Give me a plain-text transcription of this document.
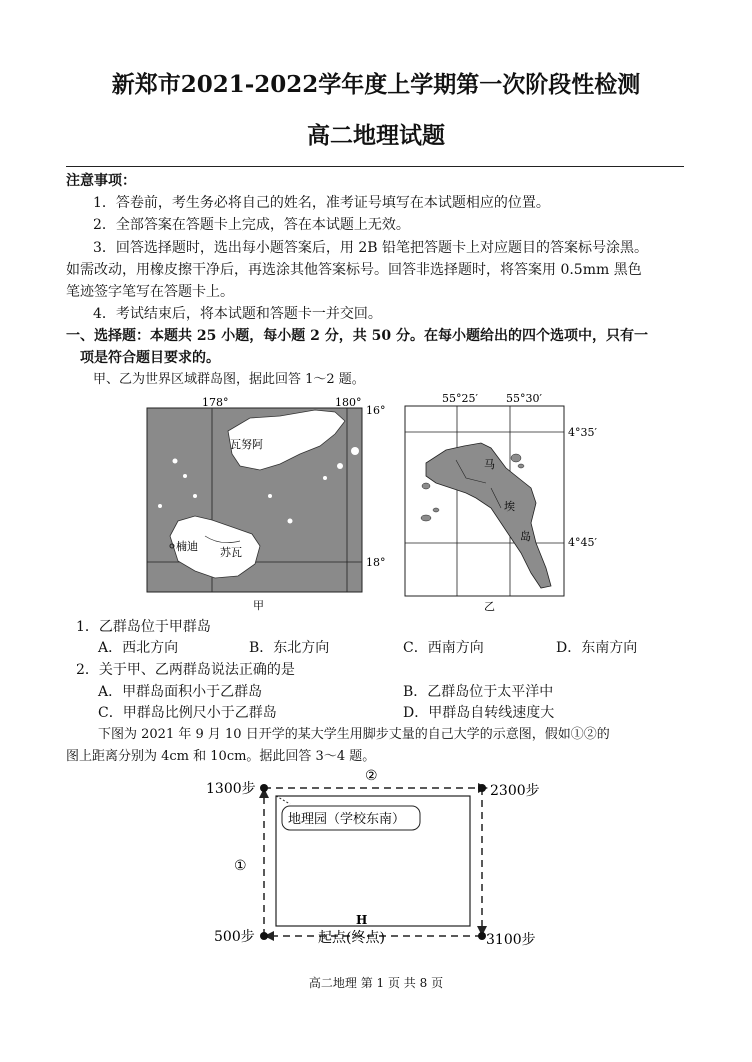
新郑市2021-2022学年度上学期第一次阶段性检测
高二地理试题
注意事项：
1．答卷前，考生务必将自己的姓名，准考证号填写在本试题相应的位置。
2．全部答案在答题卡上完成，答在本试题上无效。
3．回答选择题时，选出每小题答案后，用 2B 铅笔把答题卡上对应题目的答案标号涂黑。
如需改动，用橡皮擦干净后，再选涂其他答案标号。回答非选择题时，将答案用 0.5mm 黑色
笔迹签字笔写在答题卡上。
4．考试结束后，将本试题和答题卡一并交回。
一、选择题：本题共 25 小题，每小题 2 分，共 50 分。在每小题给出的四个选项中，只有一
项是符合题目要求的。
甲、乙为世界区域群岛图，据此回答 1～2 题。
178°	180°
16°
18°
瓦努阿
楠迪 苏瓦
甲
55°25′	55°30′
4°35′
4°45′
马
埃
岛
乙
1．乙群岛位于甲群岛
A．西北方向	B．东北方向	C．西南方向	D．东南方向
2．关于甲、乙两群岛说法正确的是
A．甲群岛面积小于乙群岛	B．乙群岛位于太平洋中
C．甲群岛比例尺小于乙群岛	D．甲群岛自转线速度大
下图为 2021 年 9 月 10 日开学的某大学生用脚步丈量的自己大学的示意图，假如①②的
图上距离分别为 4cm 和 10cm。据此回答 3～4 题。
地理园（学校东南）
H
1300步	2300步
500步	3100步
①
②
起点(终点)
高二地理 第 1 页 共 8 页
